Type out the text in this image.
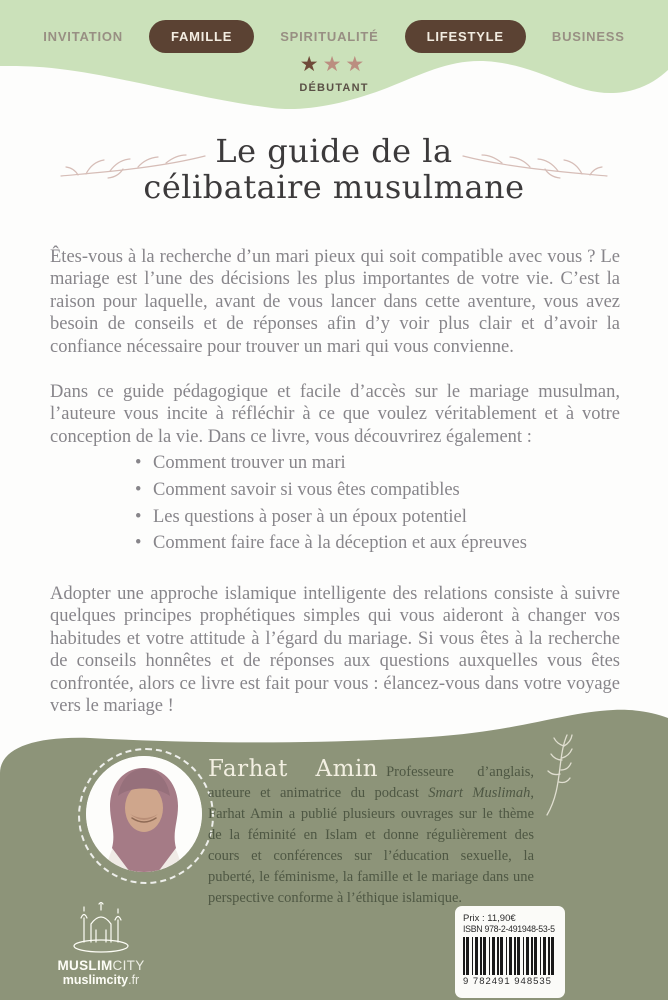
INVITATION	FAMILLE	SPIRITUALITÉ	LIFESTYLE	BUSINESS
★★★
DÉBUTANT
Le guide de la
célibataire musulmane

Êtes-vous à la recherche d’un mari pieux qui soit compatible avec vous ? Le mariage est l’une des décisions les plus importantes de votre vie. C’est la raison pour laquelle, avant de vous lancer dans cette aventure, vous avez besoin de conseils et de réponses afin d’y voir plus clair et d’avoir la confiance nécessaire pour trouver un mari qui vous convienne.

Dans ce guide pédagogique et facile d’accès sur le mariage musulman, l’auteure vous incite à réfléchir à ce que voulez véritablement et à votre conception de la vie. Dans ce livre, vous découvrirez également :

• Comment trouver un mari
• Comment savoir si vous êtes compatibles
• Les questions à poser à un époux potentiel
• Comment faire face à la déception et aux épreuves

Adopter une approche islamique intelligente des relations consiste à suivre quelques principes prophétiques simples qui vous aideront à changer vos habitudes et votre attitude à l’égard du mariage. Si vous êtes à la recherche de conseils honnêtes et de réponses aux questions auxquelles vous êtes confrontée, alors ce livre est fait pour vous : élancez-vous dans votre voyage vers le mariage !

Farhat Amin Professeure d’anglais, auteure et animatrice du podcast Smart Muslimah, Farhat Amin a publié plusieurs ouvrages sur le thème de la féminité en Islam et donne régulièrement des cours et conférences sur l’éducation sexuelle, la puberté, le féminisme, la famille et le mariage dans une perspective conforme à l’éthique islamique.

MUSLIMCITY
muslimcity.fr
Prix : 11,90€
ISBN 978-2-491948-53-5
9 782491 948535
